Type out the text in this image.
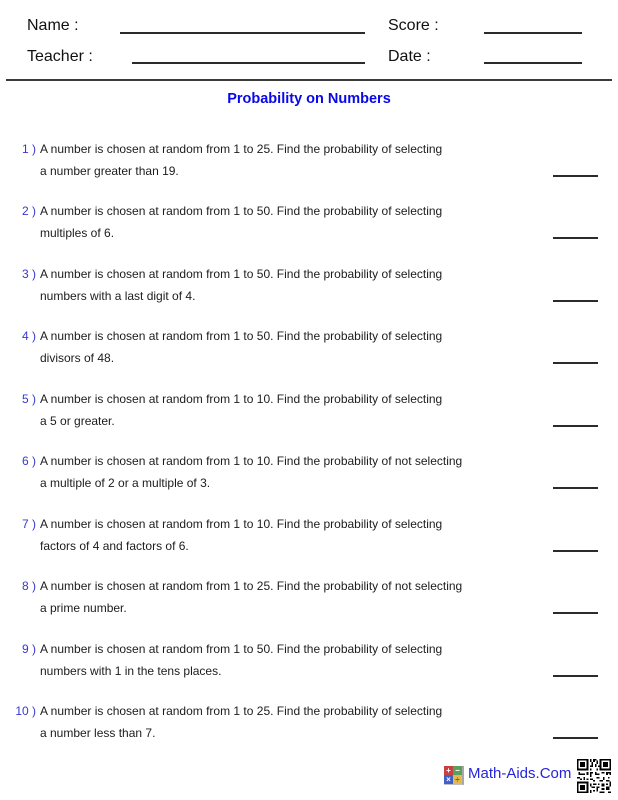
Name :	Score :
Teacher :	Date :
Probability on Numbers
1 ) A number is chosen at random from 1 to 25. Find the probability of selecting
a number greater than 19.
2 ) A number is chosen at random from 1 to 50. Find the probability of selecting
multiples of 6.
3 ) A number is chosen at random from 1 to 50. Find the probability of selecting
numbers with a last digit of 4.
4 ) A number is chosen at random from 1 to 50. Find the probability of selecting
divisors of 48.
5 ) A number is chosen at random from 1 to 10. Find the probability of selecting
a 5 or greater.
6 ) A number is chosen at random from 1 to 10. Find the probability of not selecting
a multiple of 2 or a multiple of 3.
7 ) A number is chosen at random from 1 to 10. Find the probability of selecting
factors of 4 and factors of 6.
8 ) A number is chosen at random from 1 to 25. Find the probability of not selecting
a prime number.
9 ) A number is chosen at random from 1 to 50. Find the probability of selecting
numbers with 1 in the tens places.
10 ) A number is chosen at random from 1 to 25. Find the probability of selecting
a number less than 7.
+ −
× ÷ Math-Aids.Com
